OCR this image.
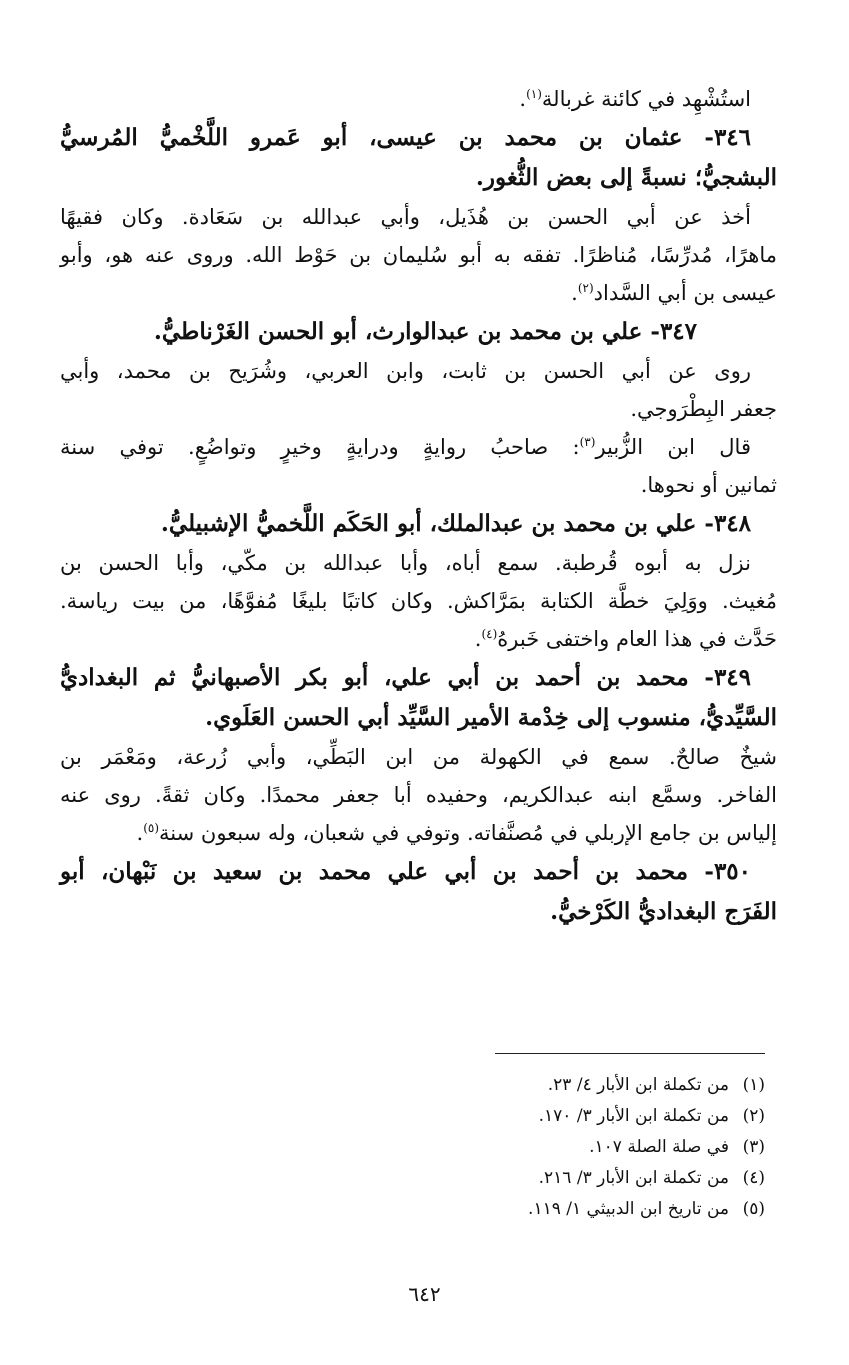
استُشْهِد في كائنة غربالة$^{(١)}$.

٣٤٦- عثمان بن محمد بن عيسى، أبو عَمرو اللَّخْميُّ المُرسيُّ

البشجيُّ؛ نسبةً إلى بعض الثُّغور.

أخذ عن أبي الحسن بن هُذَيل، وأبي عبدالله بن سَعَادة. وكان فقيهًا

ماهرًا، مُدرِّسًا، مُناظرًا. تفقه به أبو سُليمان بن حَوْط الله. وروى عنه هو، وأبو

عيسى بن أبي السَّداد$^{(٢)}$.

٣٤٧- علي بن محمد بن عبدالوارث، أبو الحسن الغَرْناطيُّ.

روى عن أبي الحسن بن ثابت، وابن العربي، وشُرَيح بن محمد، وأبي

جعفر البِطْرَوجي.

قال ابن الزُّبير$^{(٣)}$: صاحبُ روايةٍ ودرايةٍ وخيرٍ وتواضُعٍ. توفي سنة

ثمانين أو نحوها.

٣٤٨- علي بن محمد بن عبدالملك، أبو الحَكَم اللَّخميُّ الإشبيليُّ.

نزل به أبوه قُرطبة. سمع أباه، وأبا عبدالله بن مكّي، وأبا الحسن بن

مُغيث. ووَلِيَ خطَّة الكتابة بمَرَّاكش. وكان كاتبًا بليغًا مُفوَّهًا، من بيت رياسة.

حَدَّث في هذا العام واختفى خَبرهُ$^{(٤)}$.

٣٤٩- محمد بن أحمد بن أبي علي، أبو بكر الأصبهانيُّ ثم البغداديُّ

السَّيِّديُّ، منسوب إلى خِدْمة الأمير السَّيِّد أبي الحسن العَلَوي.

شيخٌ صالحٌ. سمع في الكهولة من ابن البَطِّي، وأبي زُرعة، ومَعْمَر بن

الفاخر. وسمَّع ابنه عبدالكريم، وحفيده أبا جعفر محمدًا. وكان ثقةً. روى عنه

إلياس بن جامع الإربلي في مُصنَّفاته. وتوفي في شعبان، وله سبعون سنة$^{(٥)}$.

٣٥٠- محمد بن أحمد بن أبي علي محمد بن سعيد بن نَبْهان، أبو

الفَرَج البغداديُّ الكَرْخيُّ.

(١)من تكملة ابن الأبار ٤/ ٢٣.
(٢)من تكملة ابن الأبار ٣/ ١٧٠.
(٣)في صلة الصلة ١٠٧.
(٤)من تكملة ابن الأبار ٣/ ٢١٦.
(٥)من تاريخ ابن الدبيثي ١/ ١١٩.
٦٤٢
